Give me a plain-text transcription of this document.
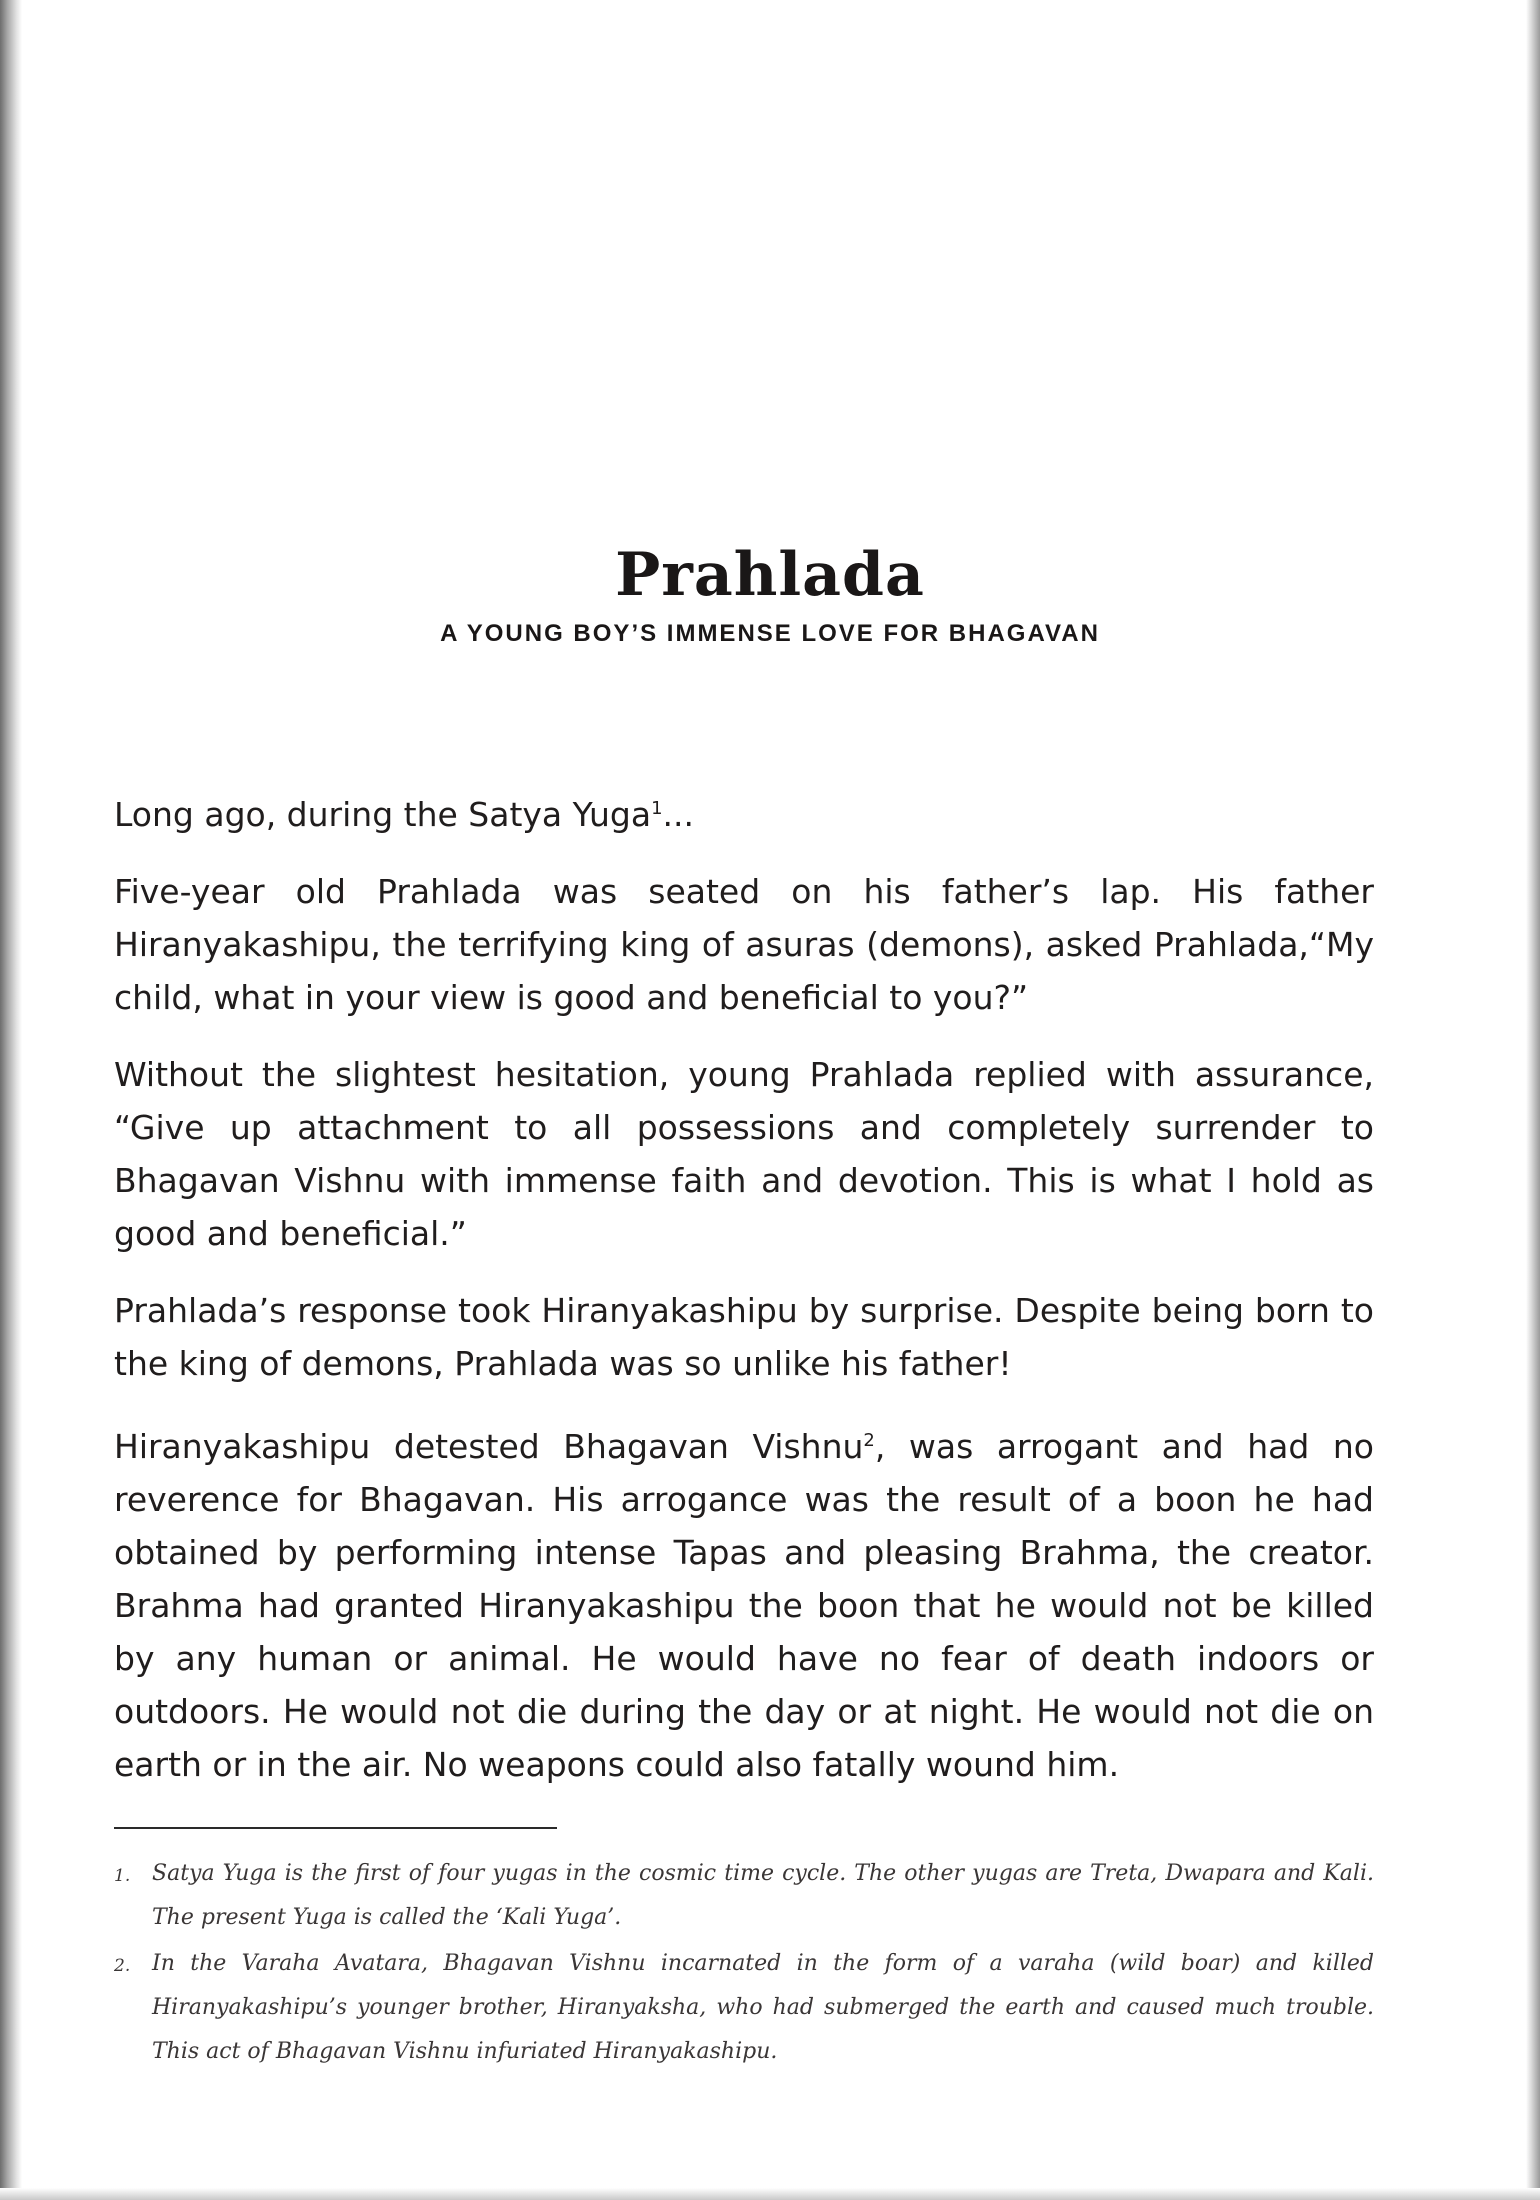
Prahlada
A YOUNG BOY’S IMMENSE LOVE FOR BHAGAVAN

Long ago, during the Satya Yuga$^1$...

Five-year old Prahlada was seated on his father’s lap. His father Hiranyakashipu, the terrifying king of asuras (demons), asked Prahlada,“My child, what in your view is good and beneficial to you?”

Without the slightest hesitation, young Prahlada replied with assurance, “Give up attachment to all possessions and completely surrender to Bhagavan Vishnu with immense faith and devotion. This is what I hold as good and beneficial.”

Prahlada’s response took Hiranyakashipu by surprise. Despite being born to the king of demons, Prahlada was so unlike his father!

Hiranyakashipu detested Bhagavan Vishnu$^2$, was arrogant and had no reverence for Bhagavan. His arrogance was the result of a boon he had obtained by performing intense Tapas and pleasing Brahma, the creator. Brahma had granted Hiranyakashipu the boon that he would not be killed by any human or animal. He would have no fear of death indoors or outdoors. He would not die during the day or at night. He would not die on earth or in the air. No weapons could also fatally wound him.

1. Satya Yuga is the first of four yugas in the cosmic time cycle. The other yugas are Treta, Dwapara and Kali. The present Yuga is called the ‘Kali Yuga’.
2. In the Varaha Avatara, Bhagavan Vishnu incarnated in the form of a varaha (wild boar) and killed Hiranyakashipu’s younger brother, Hiranyaksha, who had submerged the earth and caused much trouble. This act of Bhagavan Vishnu infuriated Hiranyakashipu.
